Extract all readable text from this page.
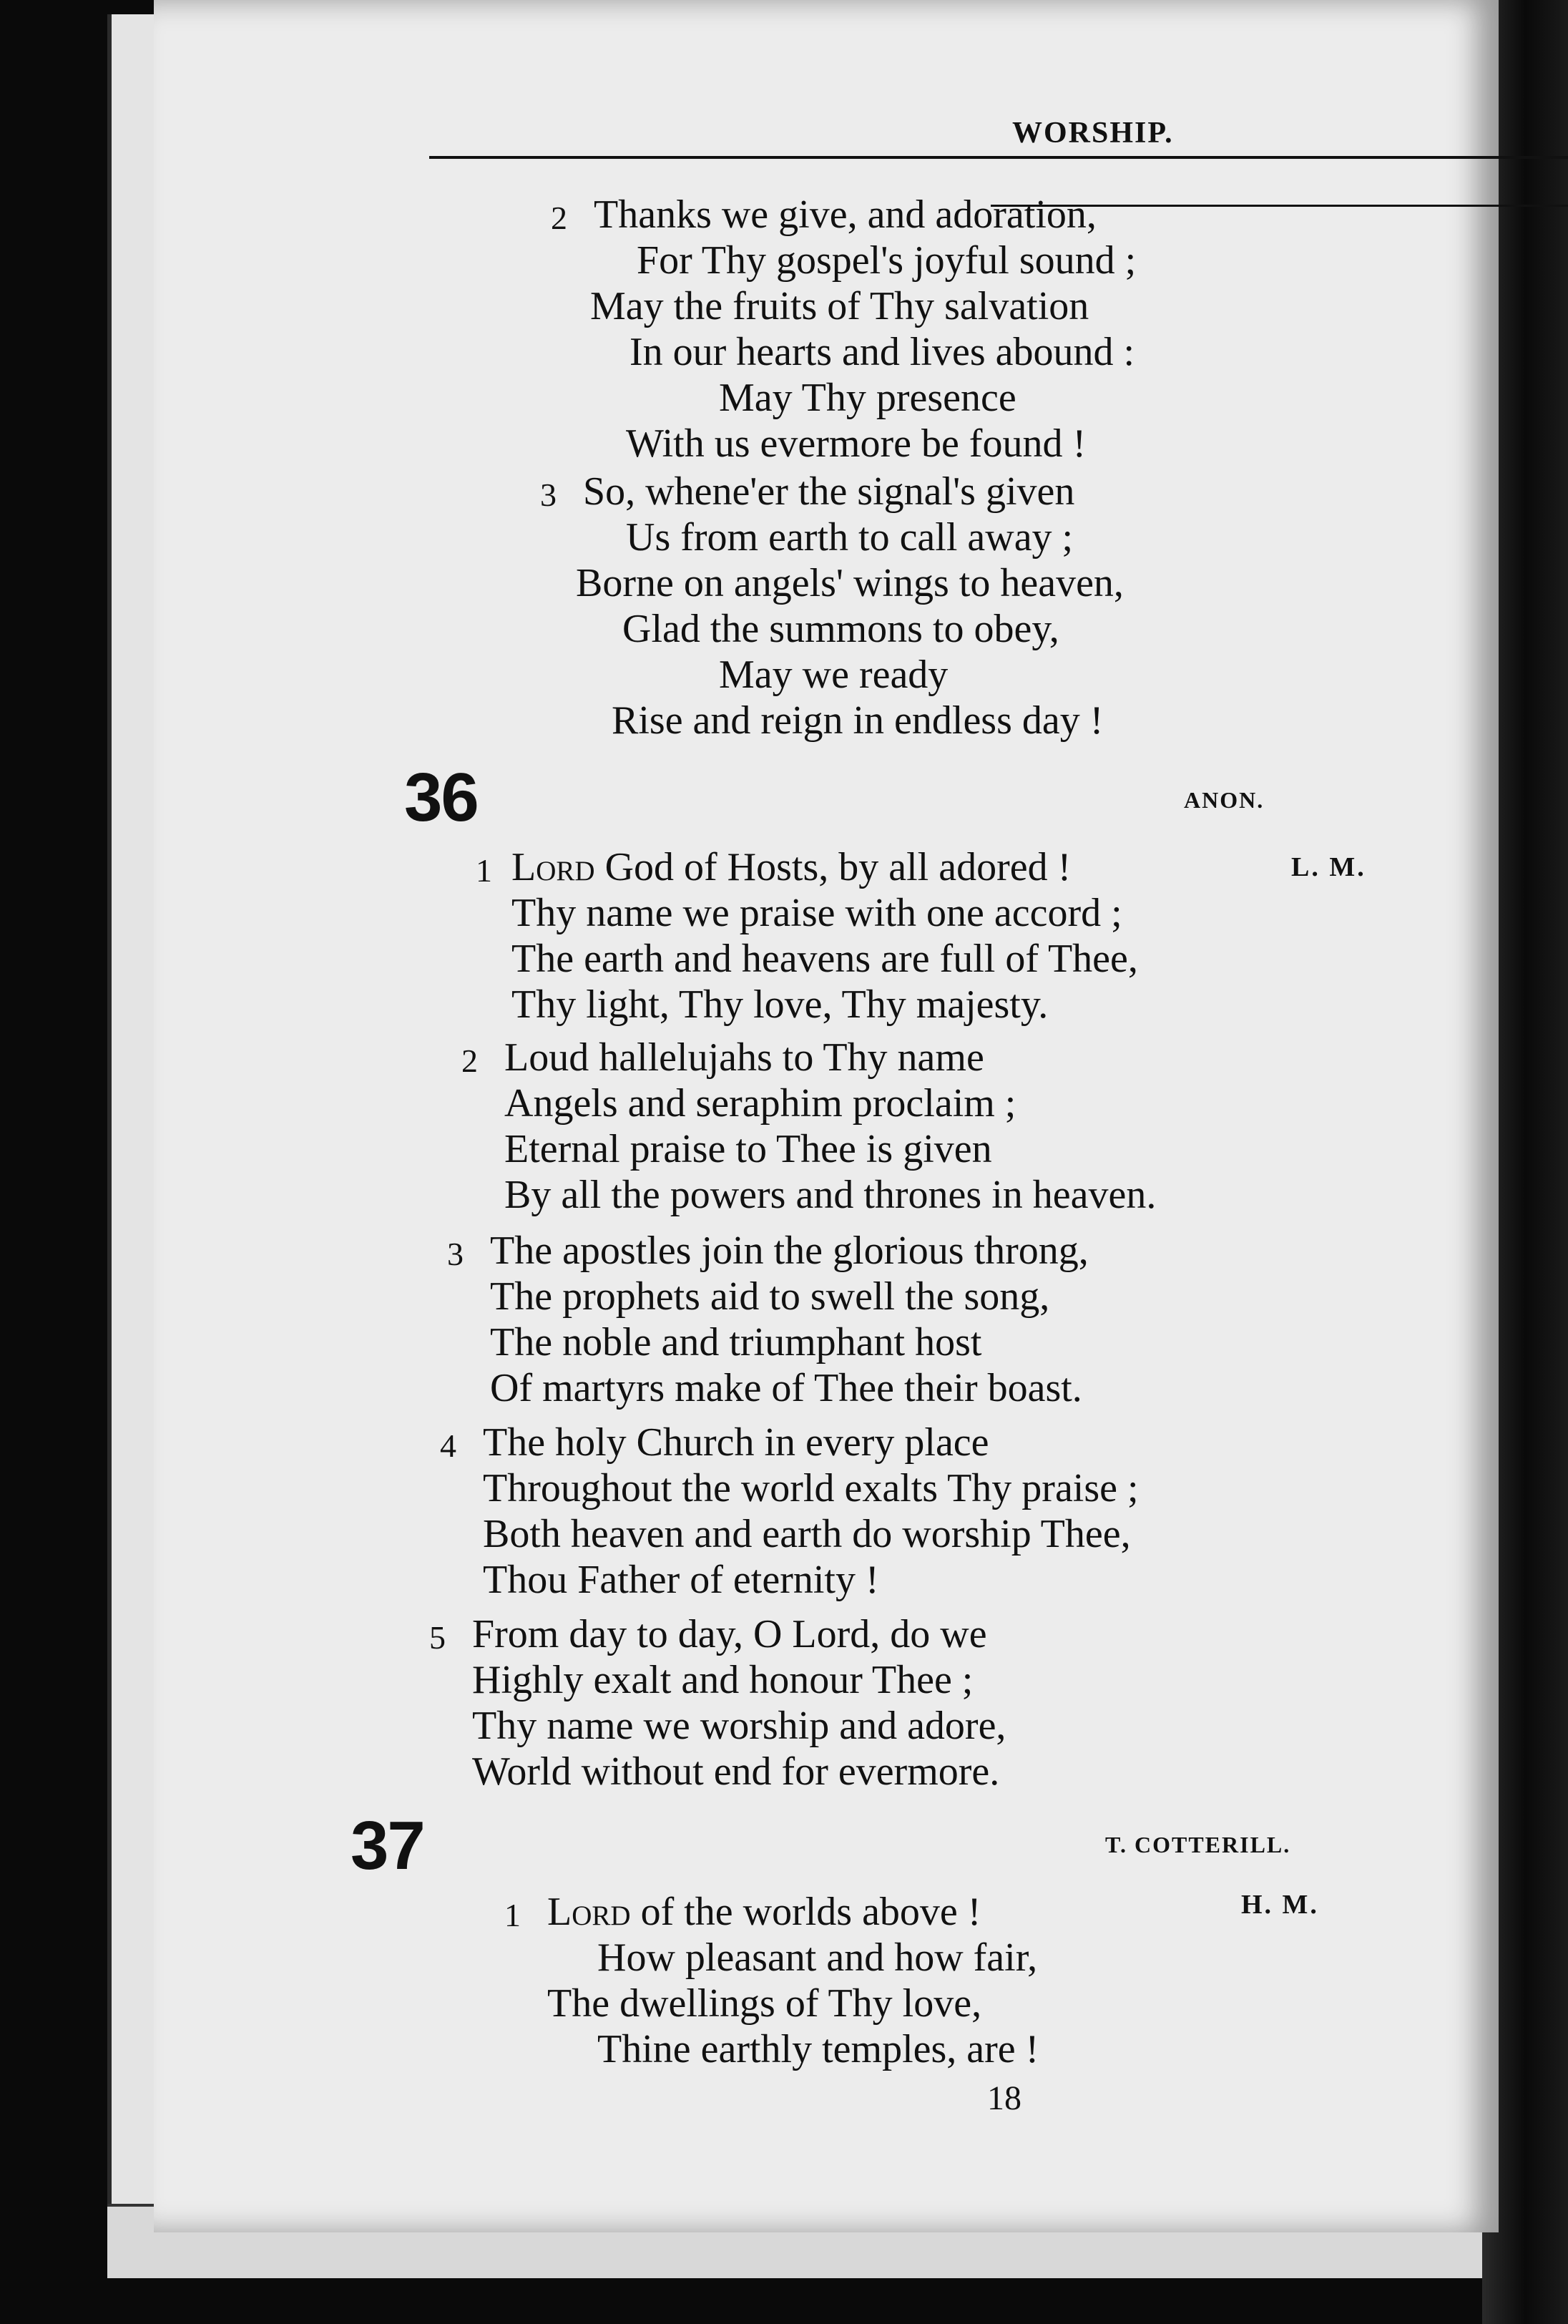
WORSHIP.
2 Thanks we give, and adoration,
For Thy gospel's joyful sound ;
May the fruits of Thy salvation
In our hearts and lives abound :
May Thy presence
With us evermore be found !
3 So, whene'er the signal's given
Us from earth to call away ;
Borne on angels' wings to heaven,
Glad the summons to obey,
May we ready
Rise and reign in endless day !
36	ANON.
L. M.
1 Lord God of Hosts, by all adored !
Thy name we praise with one accord ;
The earth and heavens are full of Thee,
Thy light, Thy love, Thy majesty.
2 Loud hallelujahs to Thy name
Angels and seraphim proclaim ;
Eternal praise to Thee is given
By all the powers and thrones in heaven.
3 The apostles join the glorious throng,
The prophets aid to swell the song,
The noble and triumphant host
Of martyrs make of Thee their boast.
4 The holy Church in every place
Throughout the world exalts Thy praise ;
Both heaven and earth do worship Thee,
Thou Father of eternity !
5 From day to day, O Lord, do we
Highly exalt and honour Thee ;
Thy name we worship and adore,
World without end for evermore.
37	T. COTTERILL.
H. M.
1 Lord of the worlds above !
How pleasant and how fair,
The dwellings of Thy love,
Thine earthly temples, are !
18
